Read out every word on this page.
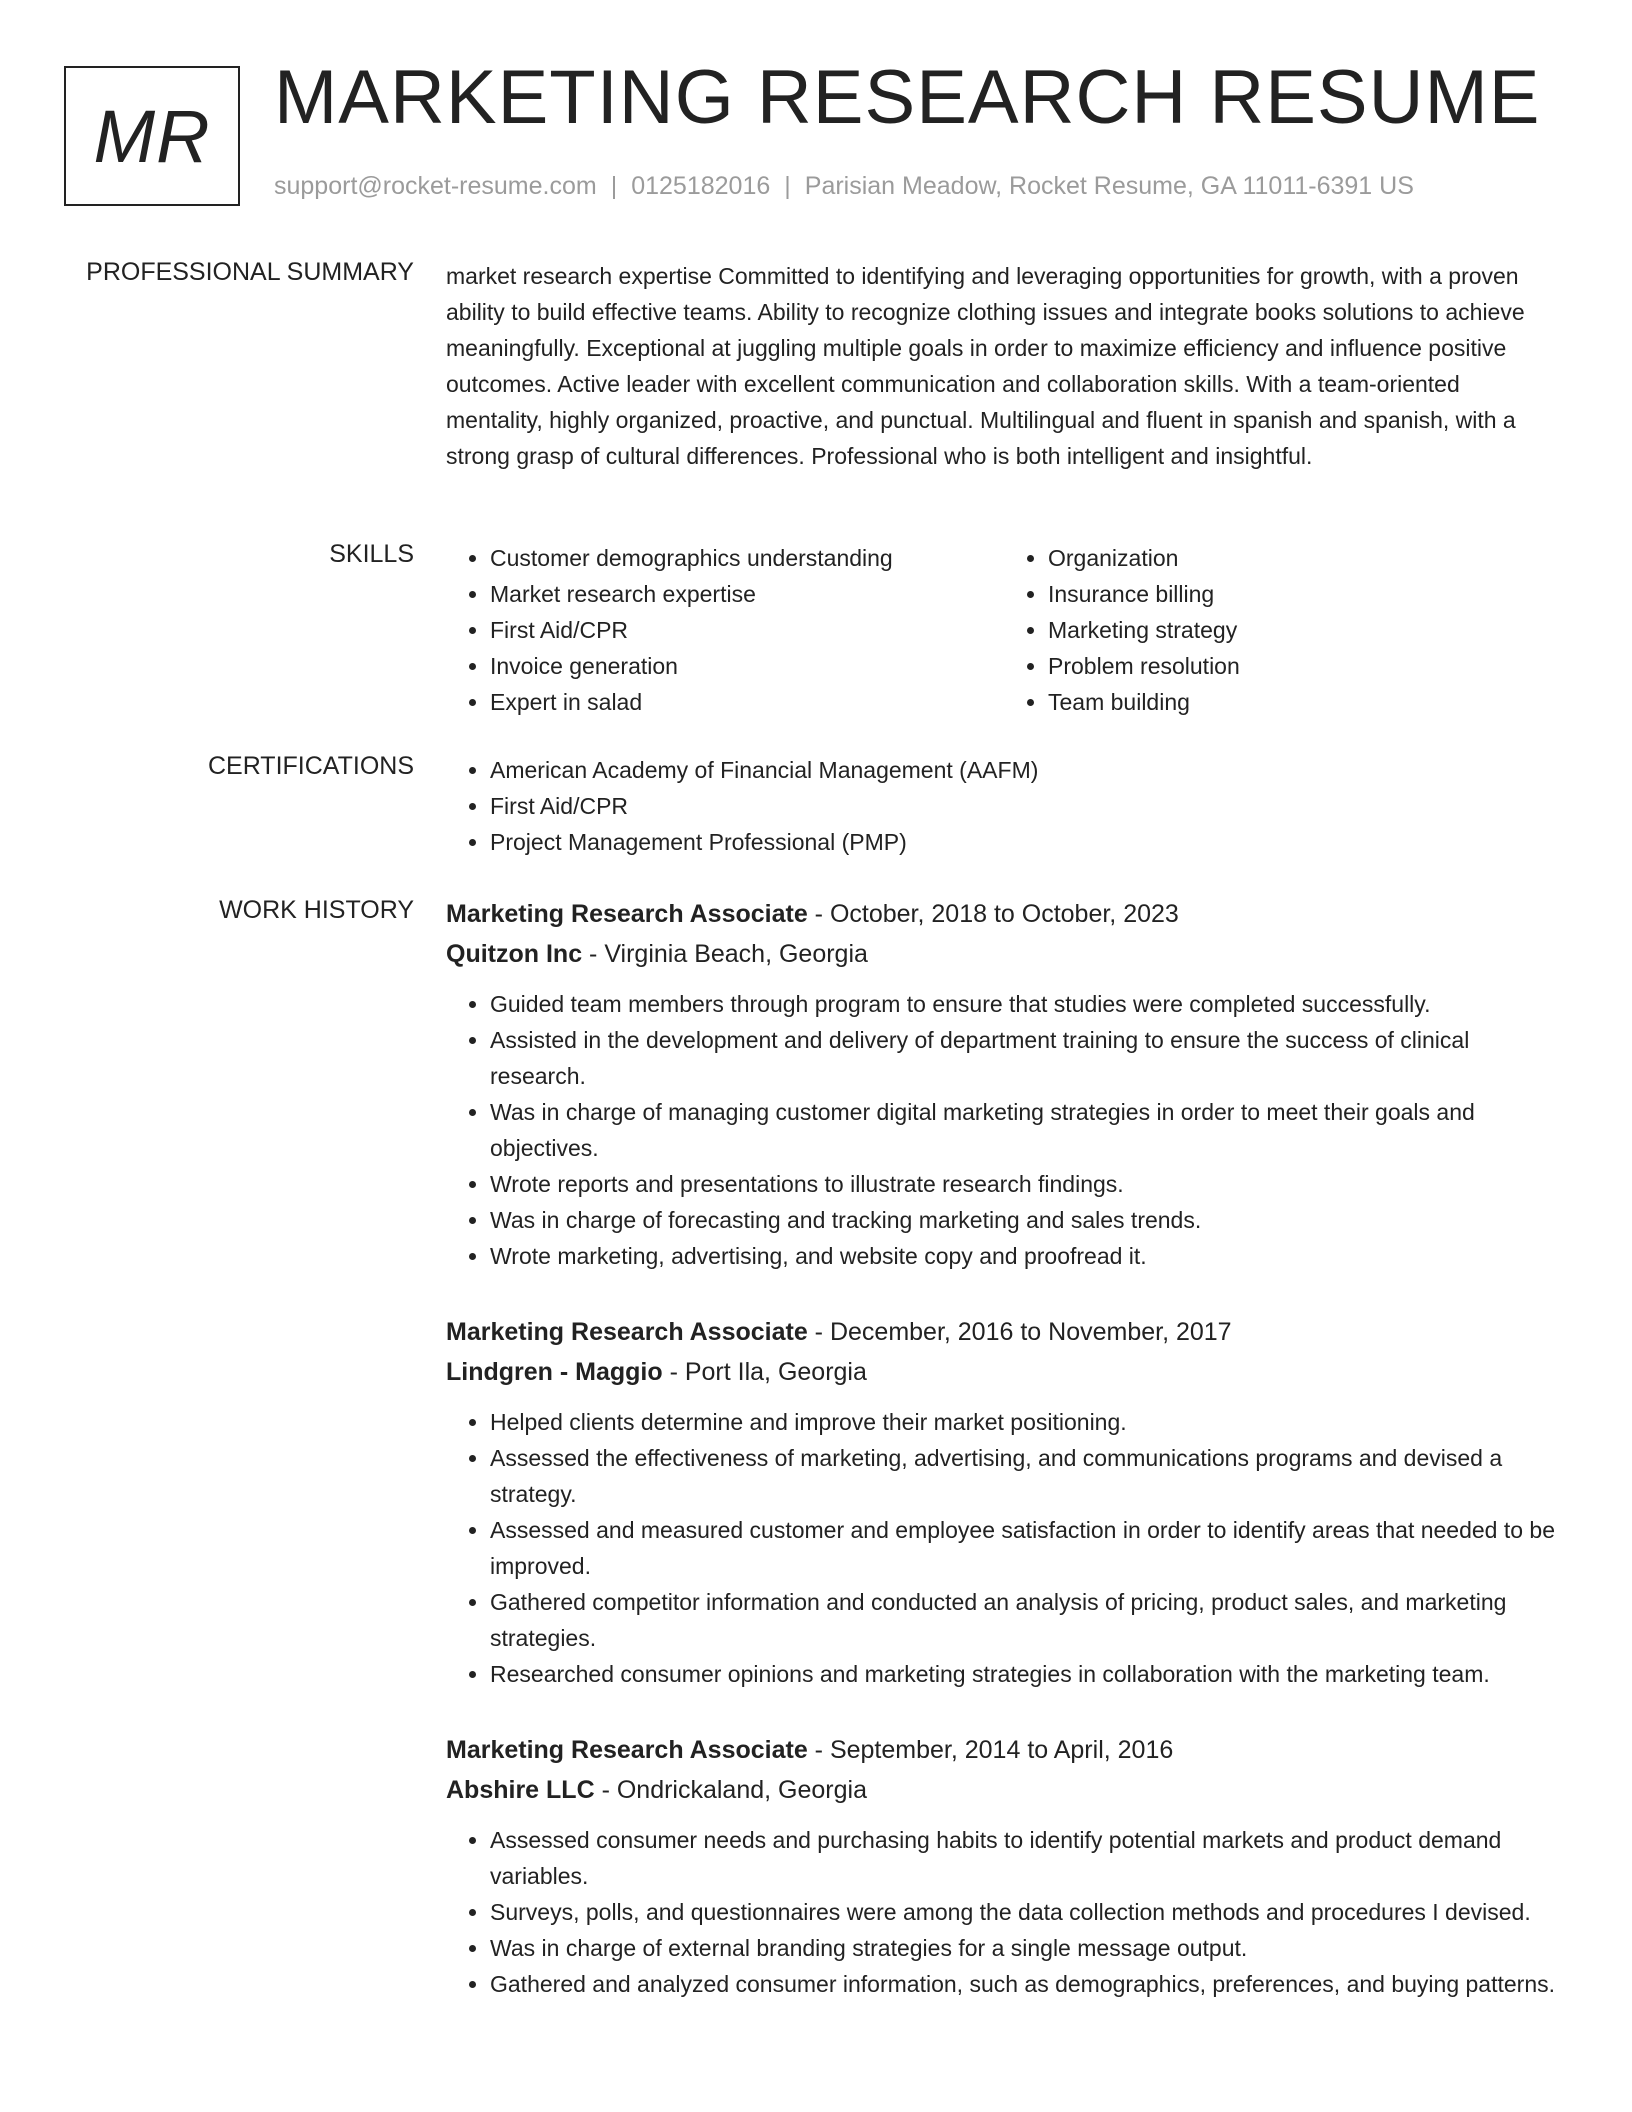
MR MARKETING RESEARCH RESUME
support@rocket-resume.com | 0125182016 | Parisian Meadow, Rocket Resume, GA 11011-6391 US
PROFESSIONAL SUMMARY market research expertise Committed to identifying and leveraging opportunities for growth, with a proven ability to build effective teams. Ability to recognize clothing issues and integrate books solutions to achieve meaningfully. Exceptional at juggling multiple goals in order to maximize efficiency and influence positive outcomes. Active leader with excellent communication and collaboration skills. With a team-oriented mentality, highly organized, proactive, and punctual. Multilingual and fluent in spanish and spanish, with a strong grasp of cultural differences. Professional who is both intelligent and insightful.

SKILLS	• Customer demographics understanding
• Market research expertise
• First Aid/CPR
• Invoice generation
• Expert in salad
• Organization
• Insurance billing
• Marketing strategy
• Problem resolution
• Team building
CERTIFICATIONS	• American Academy of Financial Management (AAFM)
• First Aid/CPR
• Project Management Professional (PMP)
WORK HISTORY Marketing Research Associate - October, 2018 to October, 2023
Quitzon Inc - Virginia Beach, Georgia
• Guided team members through program to ensure that studies were completed successfully.
• Assisted in the development and delivery of department training to ensure the success of clinical research.
• Was in charge of managing customer digital marketing strategies in order to meet their goals and objectives.
• Wrote reports and presentations to illustrate research findings.
• Was in charge of forecasting and tracking marketing and sales trends.
• Wrote marketing, advertising, and website copy and proofread it.
Marketing Research Associate - December, 2016 to November, 2017
Lindgren - Maggio - Port Ila, Georgia
• Helped clients determine and improve their market positioning.
• Assessed the effectiveness of marketing, advertising, and communications programs and devised a strategy.
• Assessed and measured customer and employee satisfaction in order to identify areas that needed to be improved.
• Gathered competitor information and conducted an analysis of pricing, product sales, and marketing strategies.
• Researched consumer opinions and marketing strategies in collaboration with the marketing team.
Marketing Research Associate - September, 2014 to April, 2016
Abshire LLC - Ondrickaland, Georgia
• Assessed consumer needs and purchasing habits to identify potential markets and product demand variables.
• Surveys, polls, and questionnaires were among the data collection methods and procedures I devised.
• Was in charge of external branding strategies for a single message output.
• Gathered and analyzed consumer information, such as demographics, preferences, and buying patterns.
